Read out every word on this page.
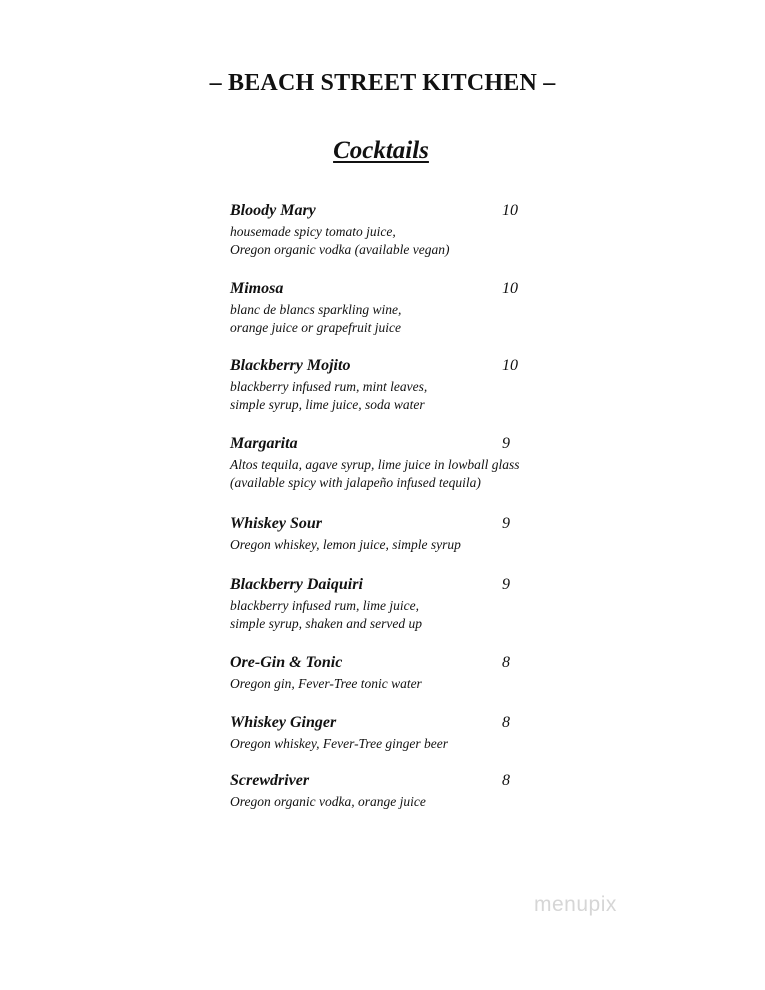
– BEACH STREET KITCHEN –
Cocktails
Bloody Mary	10
housemade spicy tomato juice,
Oregon organic vodka (available vegan)
Mimosa	10
blanc de blancs sparkling wine,
orange juice or grapefruit juice
Blackberry Mojito	10
blackberry infused rum, mint leaves,
simple syrup, lime juice, soda water
Margarita	9
Altos tequila, agave syrup, lime juice in lowball glass
(available spicy with jalapeño infused tequila)
Whiskey Sour	9
Oregon whiskey, lemon juice, simple syrup
Blackberry Daiquiri	9
blackberry infused rum, lime juice,
simple syrup, shaken and served up
Ore-Gin & Tonic	8
Oregon gin, Fever-Tree tonic water
Whiskey Ginger	8
Oregon whiskey, Fever-Tree ginger beer
Screwdriver	8
Oregon organic vodka, orange juice
menupix
